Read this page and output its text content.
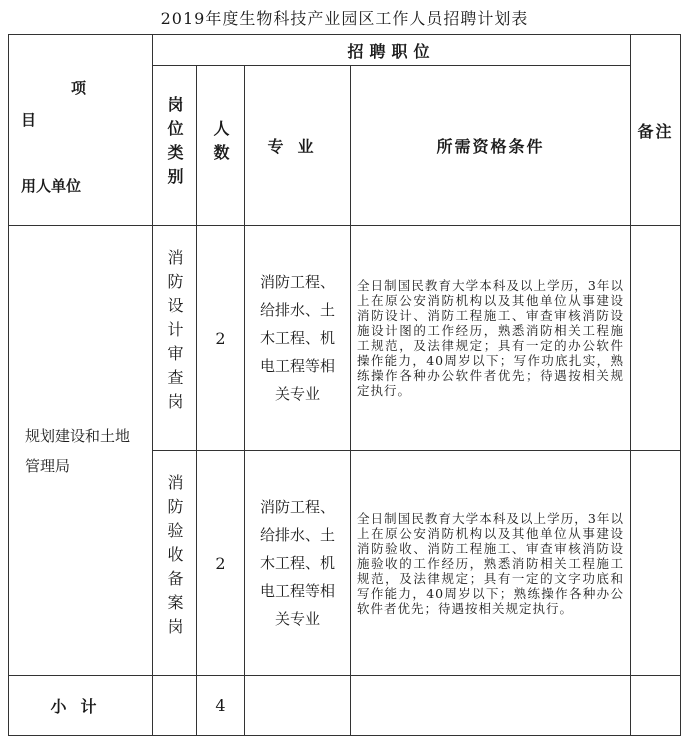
2019年度生物科技产业园区工作人员招聘计划表
项
目
用人单位	招聘职位				备注
	岗位类别	人数	专业	所需资格条件	
规划建设和土地管理局	消防设计审查岗	2	消防工程、给排水、土木工程、机电工程等相关专业	全日制国民教育大学本科及以上学历，3年以上在原公安消防机构以及其他单位从事建设消防设计、消防工程施工、审查审核消防设施设计图的工作经历，熟悉消防相关工程施工规范，及法律规定；具有一定的办公软件操作能力，40周岁以下；写作功底扎实，熟练操作各种办公软件者优先；待遇按相关规定执行。	
	消防验收备案岗	2	消防工程、给排水、土木工程、机电工程等相关专业	全日制国民教育大学本科及以上学历，3年以上在原公安消防机构以及其他单位从事建设消防验收、消防工程施工、审查审核消防设施验收的工作经历，熟悉消防相关工程施工规范，及法律规定；具有一定的文字功底和写作能力，40周岁以下；熟练操作各种办公软件者优先；待遇按相关规定执行。	
小计		4			
